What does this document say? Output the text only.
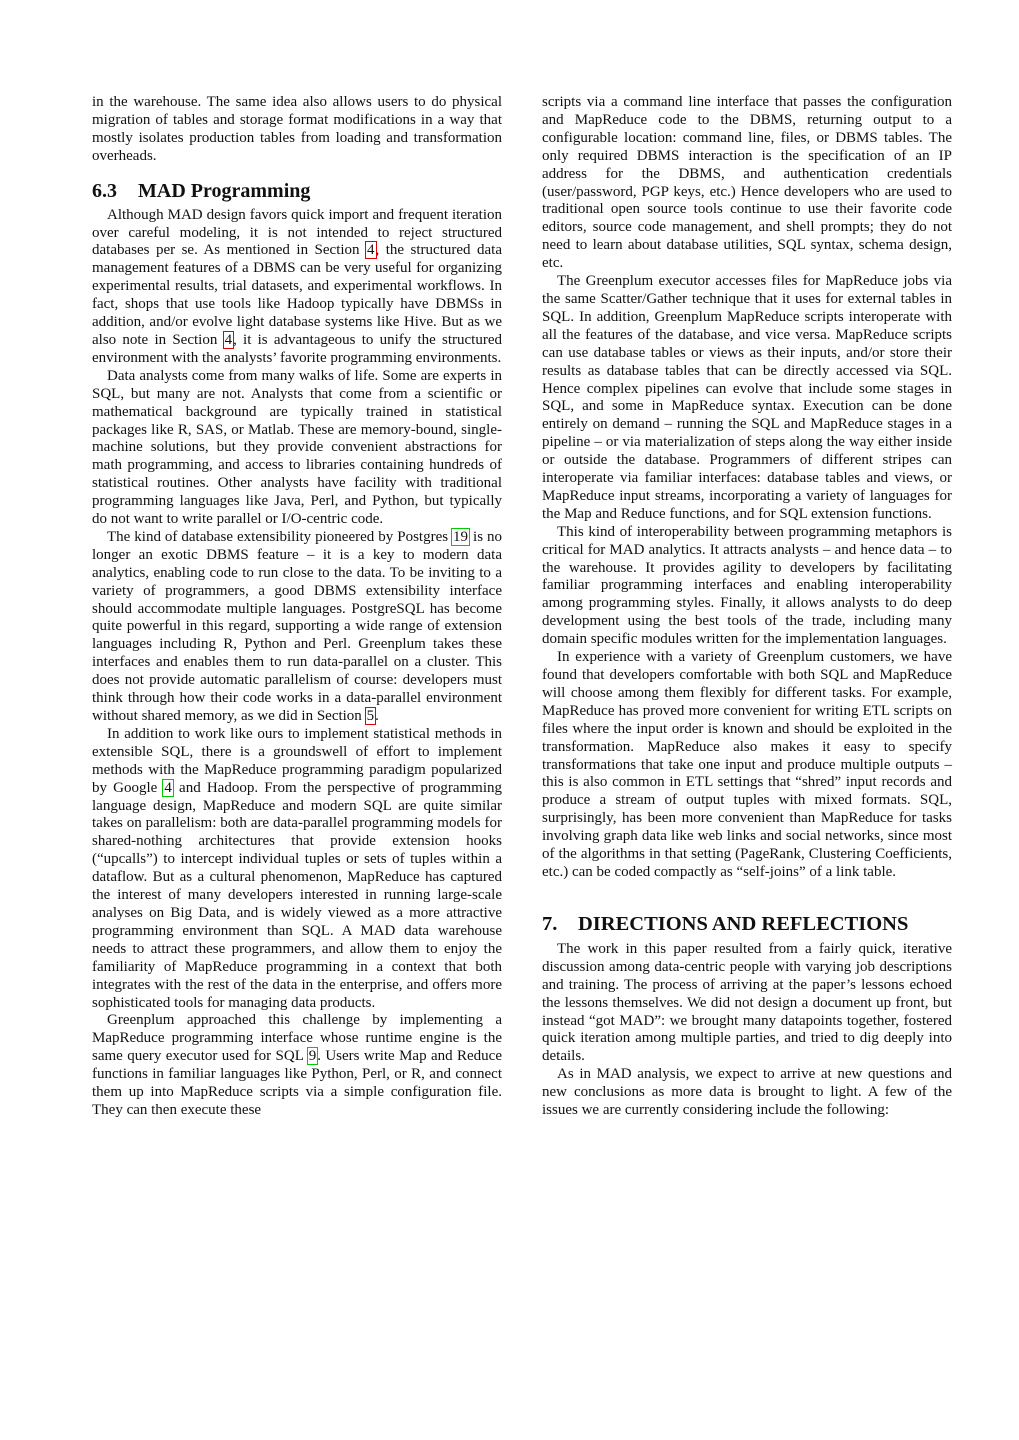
in the warehouse. The same idea also allows users to do physical migration of tables and storage format modifications in a way that mostly isolates production tables from loading and transformation overheads.

6.3 MAD Programming

Although MAD design favors quick import and frequent iteration over careful modeling, it is not intended to reject structured databases per se. As mentioned in Section 4, the structured data management features of a DBMS can be very useful for organizing experimental results, trial datasets, and experimental workflows. In fact, shops that use tools like Hadoop typically have DBMSs in addition, and/or evolve light database systems like Hive. But as we also note in Section 4, it is advantageous to unify the structured environment with the analysts’ favorite programming environments.

Data analysts come from many walks of life. Some are experts in SQL, but many are not. Analysts that come from a scientific or mathematical background are typically trained in statistical packages like R, SAS, or Matlab. These are memory-bound, single-machine solutions, but they provide convenient abstractions for math programming, and access to libraries containing hundreds of statistical routines. Other analysts have facility with traditional programming languages like Java, Perl, and Python, but typically do not want to write parallel or I/O-centric code.

The kind of database extensibility pioneered by Postgres 19 is no longer an exotic DBMS feature – it is a key to modern data analytics, enabling code to run close to the data. To be inviting to a variety of programmers, a good DBMS extensibility interface should accommodate multiple languages. PostgreSQL has become quite powerful in this regard, supporting a wide range of extension languages including R, Python and Perl. Greenplum takes these interfaces and enables them to run data-parallel on a cluster. This does not provide automatic parallelism of course: developers must think through how their code works in a data-parallel environment without shared memory, as we did in Section 5.

In addition to work like ours to implement statistical methods in extensible SQL, there is a groundswell of effort to implement methods with the MapReduce programming paradigm popularized by Google 4 and Hadoop. From the perspective of programming language design, MapReduce and modern SQL are quite similar takes on parallelism: both are data-parallel programming models for shared-nothing architectures that provide extension hooks (“upcalls”) to intercept individual tuples or sets of tuples within a dataflow. But as a cultural phenomenon, MapReduce has captured the interest of many developers interested in running large-scale analyses on Big Data, and is widely viewed as a more attractive programming environment than SQL. A MAD data warehouse needs to attract these programmers, and allow them to enjoy the familiarity of MapReduce programming in a context that both integrates with the rest of the data in the enterprise, and offers more sophisticated tools for managing data products.

Greenplum approached this challenge by implementing a MapReduce programming interface whose runtime engine is the same query executor used for SQL 9. Users write Map and Reduce functions in familiar languages like Python, Perl, or R, and connect them up into MapReduce scripts via a simple configuration file. They can then execute these

scripts via a command line interface that passes the configuration and MapReduce code to the DBMS, returning output to a configurable location: command line, files, or DBMS tables. The only required DBMS interaction is the specification of an IP address for the DBMS, and authentication credentials (user/password, PGP keys, etc.) Hence developers who are used to traditional open source tools continue to use their favorite code editors, source code management, and shell prompts; they do not need to learn about database utilities, SQL syntax, schema design, etc.

The Greenplum executor accesses files for MapReduce jobs via the same Scatter/Gather technique that it uses for external tables in SQL. In addition, Greenplum MapReduce scripts interoperate with all the features of the database, and vice versa. MapReduce scripts can use database tables or views as their inputs, and/or store their results as database tables that can be directly accessed via SQL. Hence complex pipelines can evolve that include some stages in SQL, and some in MapReduce syntax. Execution can be done entirely on demand – running the SQL and MapReduce stages in a pipeline – or via materialization of steps along the way either inside or outside the database. Programmers of different stripes can interoperate via familiar interfaces: database tables and views, or MapReduce input streams, incorporating a variety of languages for the Map and Reduce functions, and for SQL extension functions.

This kind of interoperability between programming metaphors is critical for MAD analytics. It attracts analysts – and hence data – to the warehouse. It provides agility to developers by facilitating familiar programming interfaces and enabling interoperability among programming styles. Finally, it allows analysts to do deep development using the best tools of the trade, including many domain specific modules written for the implementation languages.

In experience with a variety of Greenplum customers, we have found that developers comfortable with both SQL and MapReduce will choose among them flexibly for different tasks. For example, MapReduce has proved more convenient for writing ETL scripts on files where the input order is known and should be exploited in the transformation. MapReduce also makes it easy to specify transformations that take one input and produce multiple outputs – this is also common in ETL settings that “shred” input records and produce a stream of output tuples with mixed formats. SQL, surprisingly, has been more convenient than MapReduce for tasks involving graph data like web links and social networks, since most of the algorithms in that setting (PageRank, Clustering Coefficients, etc.) can be coded compactly as “self-joins” of a link table.

7. DIRECTIONS AND REFLECTIONS

The work in this paper resulted from a fairly quick, iterative discussion among data-centric people with varying job descriptions and training. The process of arriving at the paper’s lessons echoed the lessons themselves. We did not design a document up front, but instead “got MAD”: we brought many datapoints together, fostered quick iteration among multiple parties, and tried to dig deeply into details.

As in MAD analysis, we expect to arrive at new questions and new conclusions as more data is brought to light. A few of the issues we are currently considering include the following:
